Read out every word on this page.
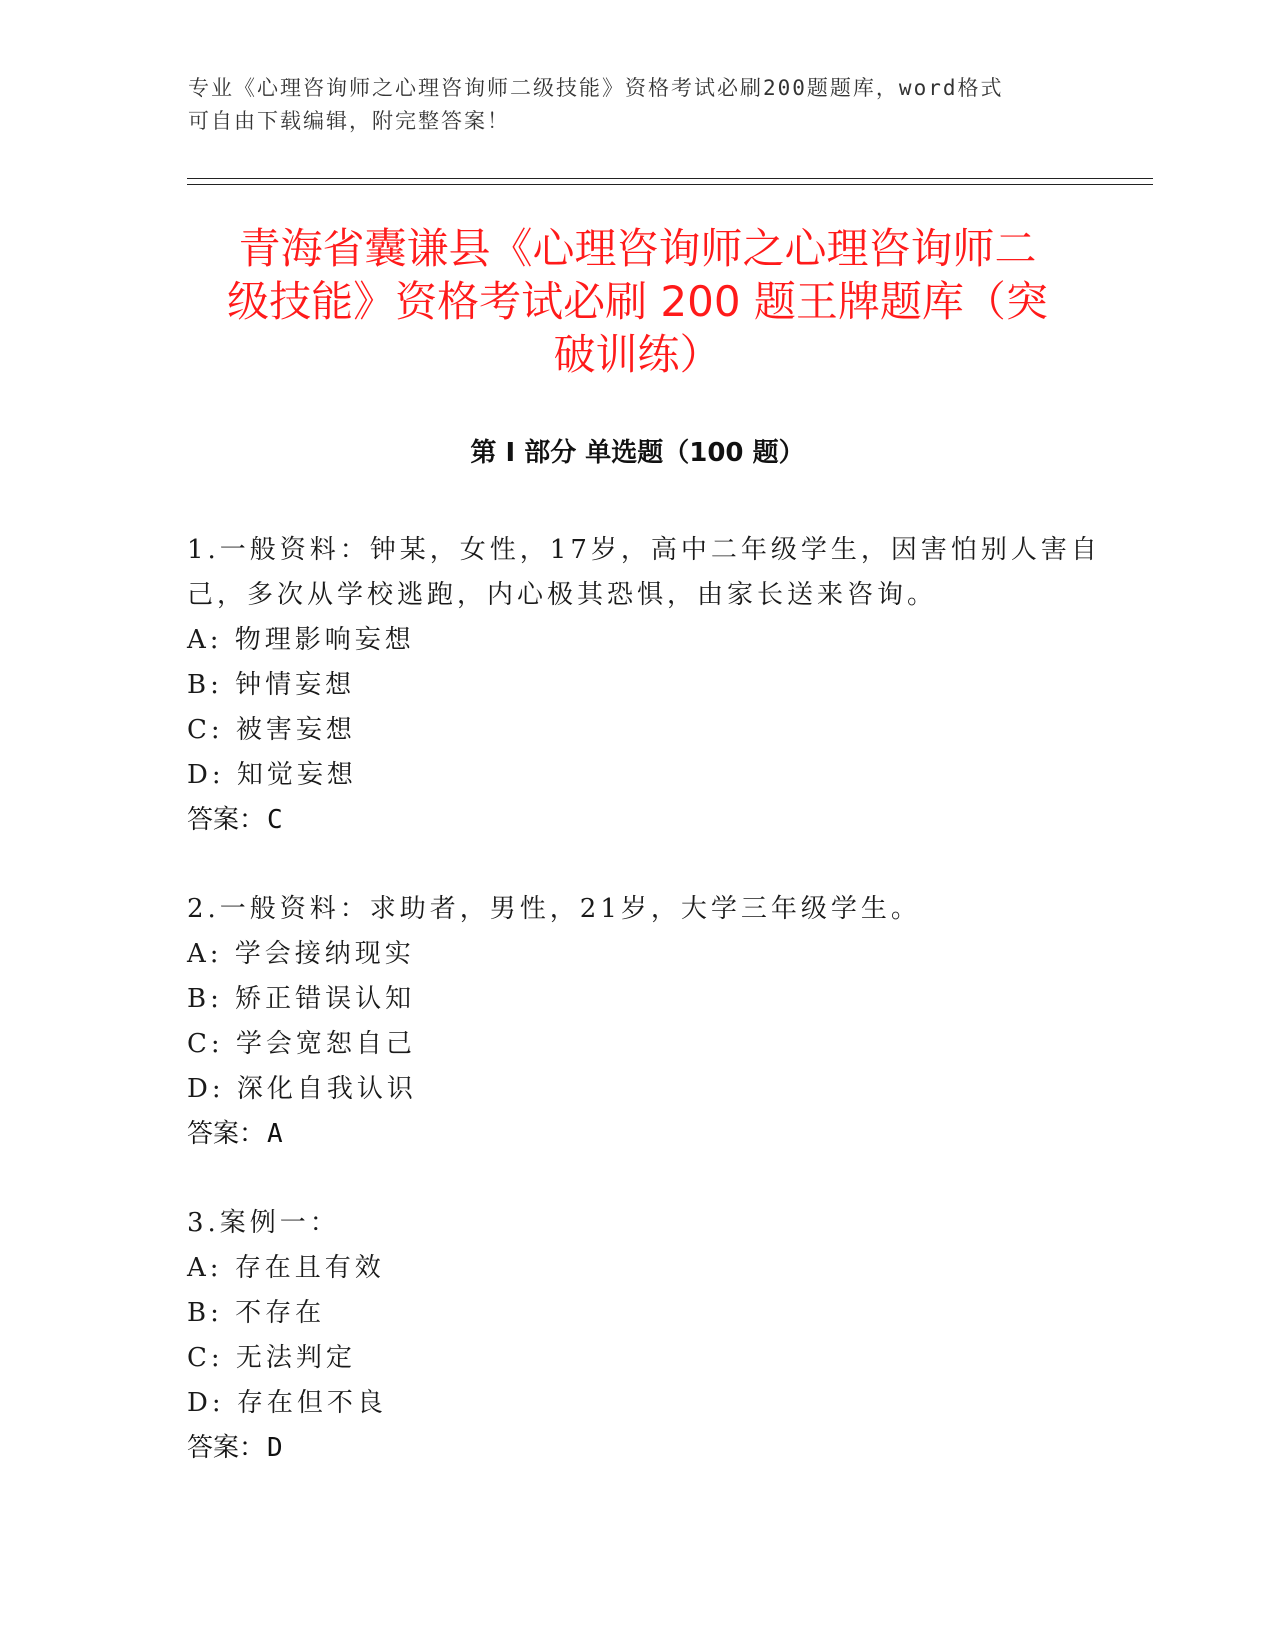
专业《心理咨询师之心理咨询师二级技能》资格考试必刷200题题库，word格式
可自由下载编辑，附完整答案！
青海省囊谦县《心理咨询师之心理咨询师二
级技能》资格考试必刷 200 题王牌题库（突
破训练）
第 I 部分 单选题（100 题）
1.一般资料：钟某，女性，17岁，高中二年级学生，因害怕别人害自
己，多次从学校逃跑，内心极其恐惧，由家长送来咨询。
A: 物理影响妄想
B: 钟情妄想
C: 被害妄想
D: 知觉妄想
答案：C
2.一般资料：求助者，男性，21岁，大学三年级学生。
A: 学会接纳现实
B: 矫正错误认知
C: 学会宽恕自己
D: 深化自我认识
答案：A
3.案例一：
A: 存在且有效
B: 不存在
C: 无法判定
D: 存在但不良
答案：D
